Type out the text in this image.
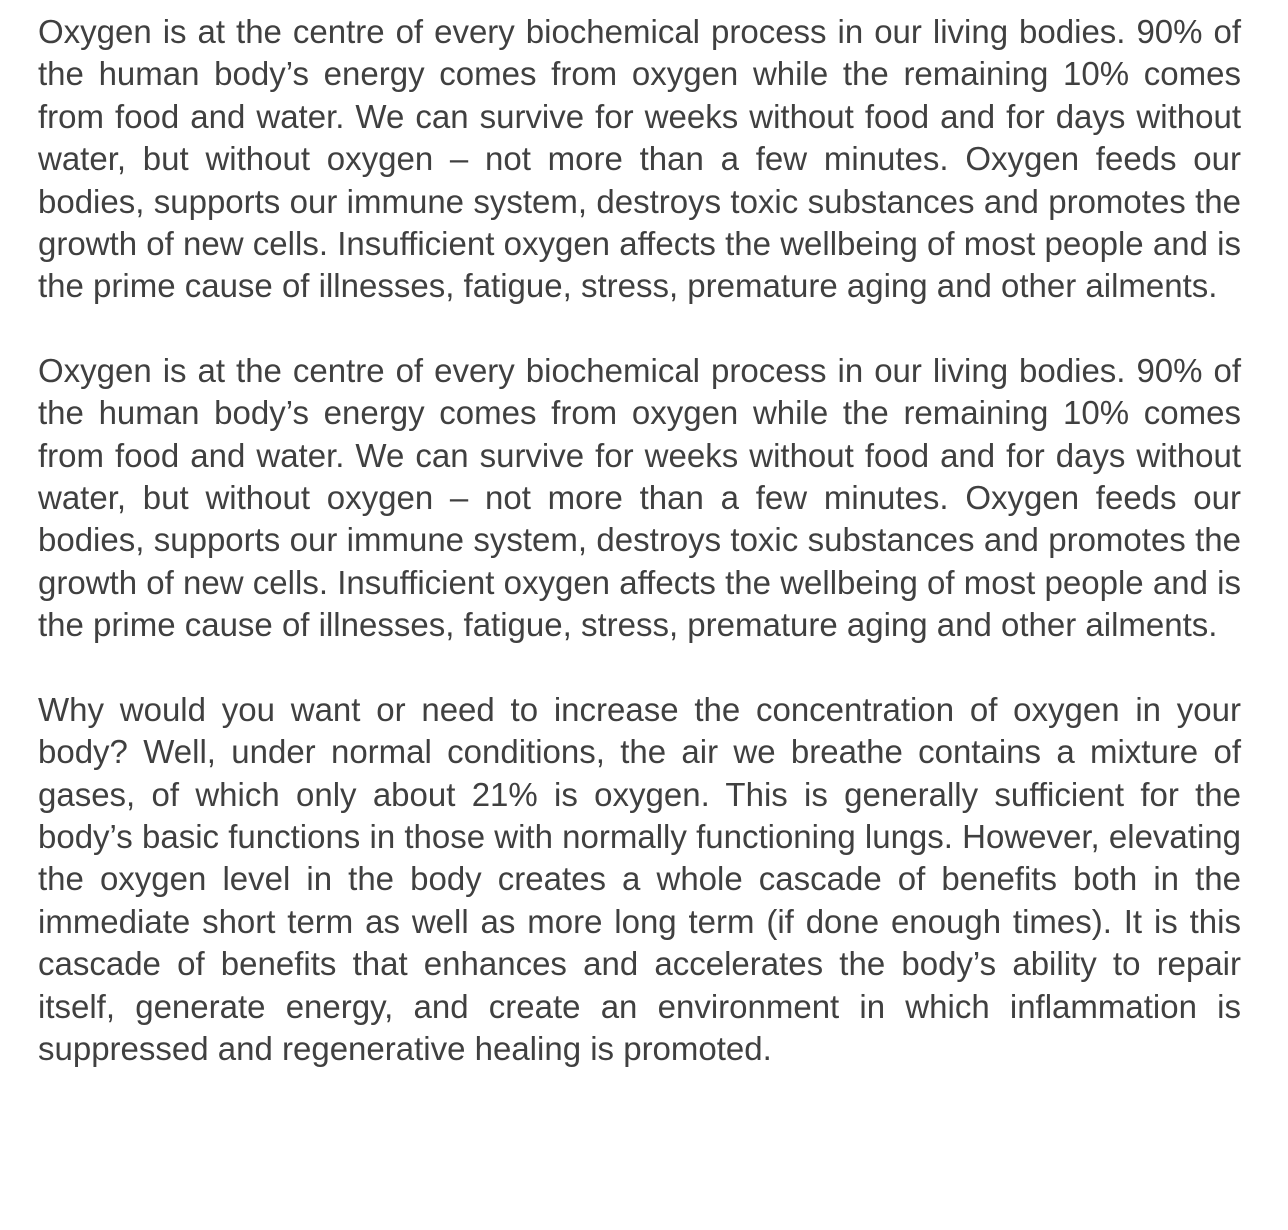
Oxygen is at the centre of every biochemical process in our living bodies. 90% of the human body’s energy comes from oxygen while the remaining 10% comes from food and water. We can survive for weeks without food and for days without water, but without oxygen – not more than a few minutes. Oxygen feeds our bodies, supports our immune system, destroys toxic substances and promotes the growth of new cells. Insufficient oxygen affects the wellbeing of most people and is the prime cause of illnesses, fatigue, stress, premature aging and other ailments.

Oxygen is at the centre of every biochemical process in our living bodies. 90% of the human body’s energy comes from oxygen while the remaining 10% comes from food and water. We can survive for weeks without food and for days without water, but without oxygen – not more than a few minutes. Oxygen feeds our bodies, supports our immune system, destroys toxic substances and promotes the growth of new cells. Insufficient oxygen affects the wellbeing of most people and is the prime cause of illnesses, fatigue, stress, premature aging and other ailments.

Why would you want or need to increase the concentration of oxygen in your body? Well, under normal conditions, the air we breathe contains a mixture of gases, of which only about 21% is oxygen. This is generally sufficient for the body’s basic functions in those with normally functioning lungs. However, elevating the oxygen level in the body creates a whole cascade of benefits both in the immediate short term as well as more long term (if done enough times). It is this cascade of benefits that enhances and accelerates the body’s ability to repair itself, generate energy, and create an environment in which inflammation is suppressed and regenerative healing is promoted.
